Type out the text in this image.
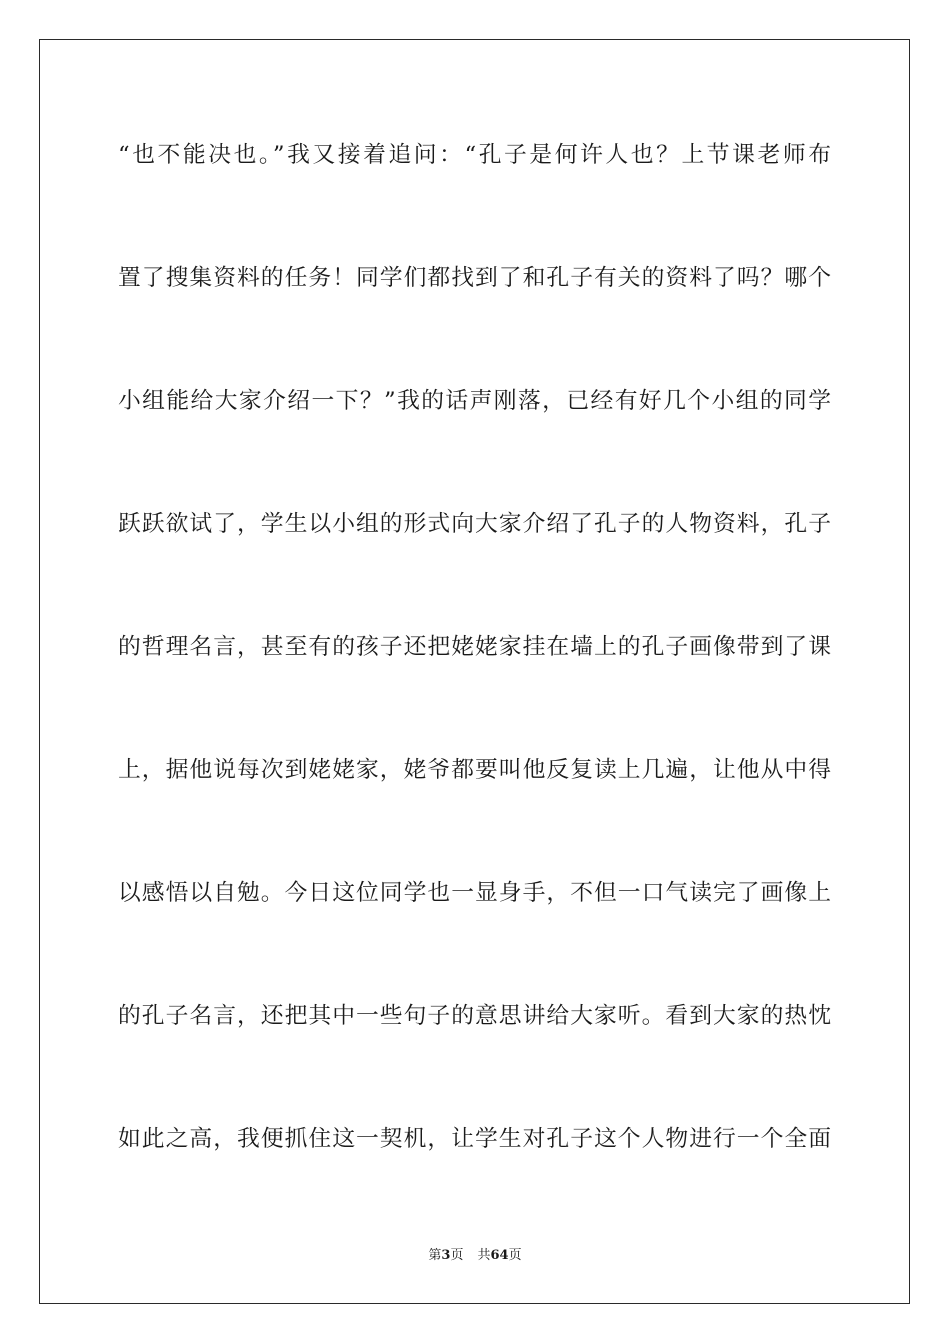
“也不能决也。”我又接着追问：“孔子是何许人也？上节课老师布
置了搜集资料的任务！同学们都找到了和孔子有关的资料了吗？哪个
小组能给大家介绍一下？”我的话声刚落，已经有好几个小组的同学
跃跃欲试了，学生以小组的形式向大家介绍了孔子的人物资料，孔子
的哲理名言，甚至有的孩子还把姥姥家挂在墙上的孔子画像带到了课
上，据他说每次到姥姥家，姥爷都要叫他反复读上几遍，让他从中得
以感悟以自勉。今日这位同学也一显身手，不但一口气读完了画像上
的孔子名言，还把其中一些句子的意思讲给大家听。看到大家的热忱
如此之高，我便抓住这一契机，让学生对孔子这个人物进行一个全面
第3页 共64页
